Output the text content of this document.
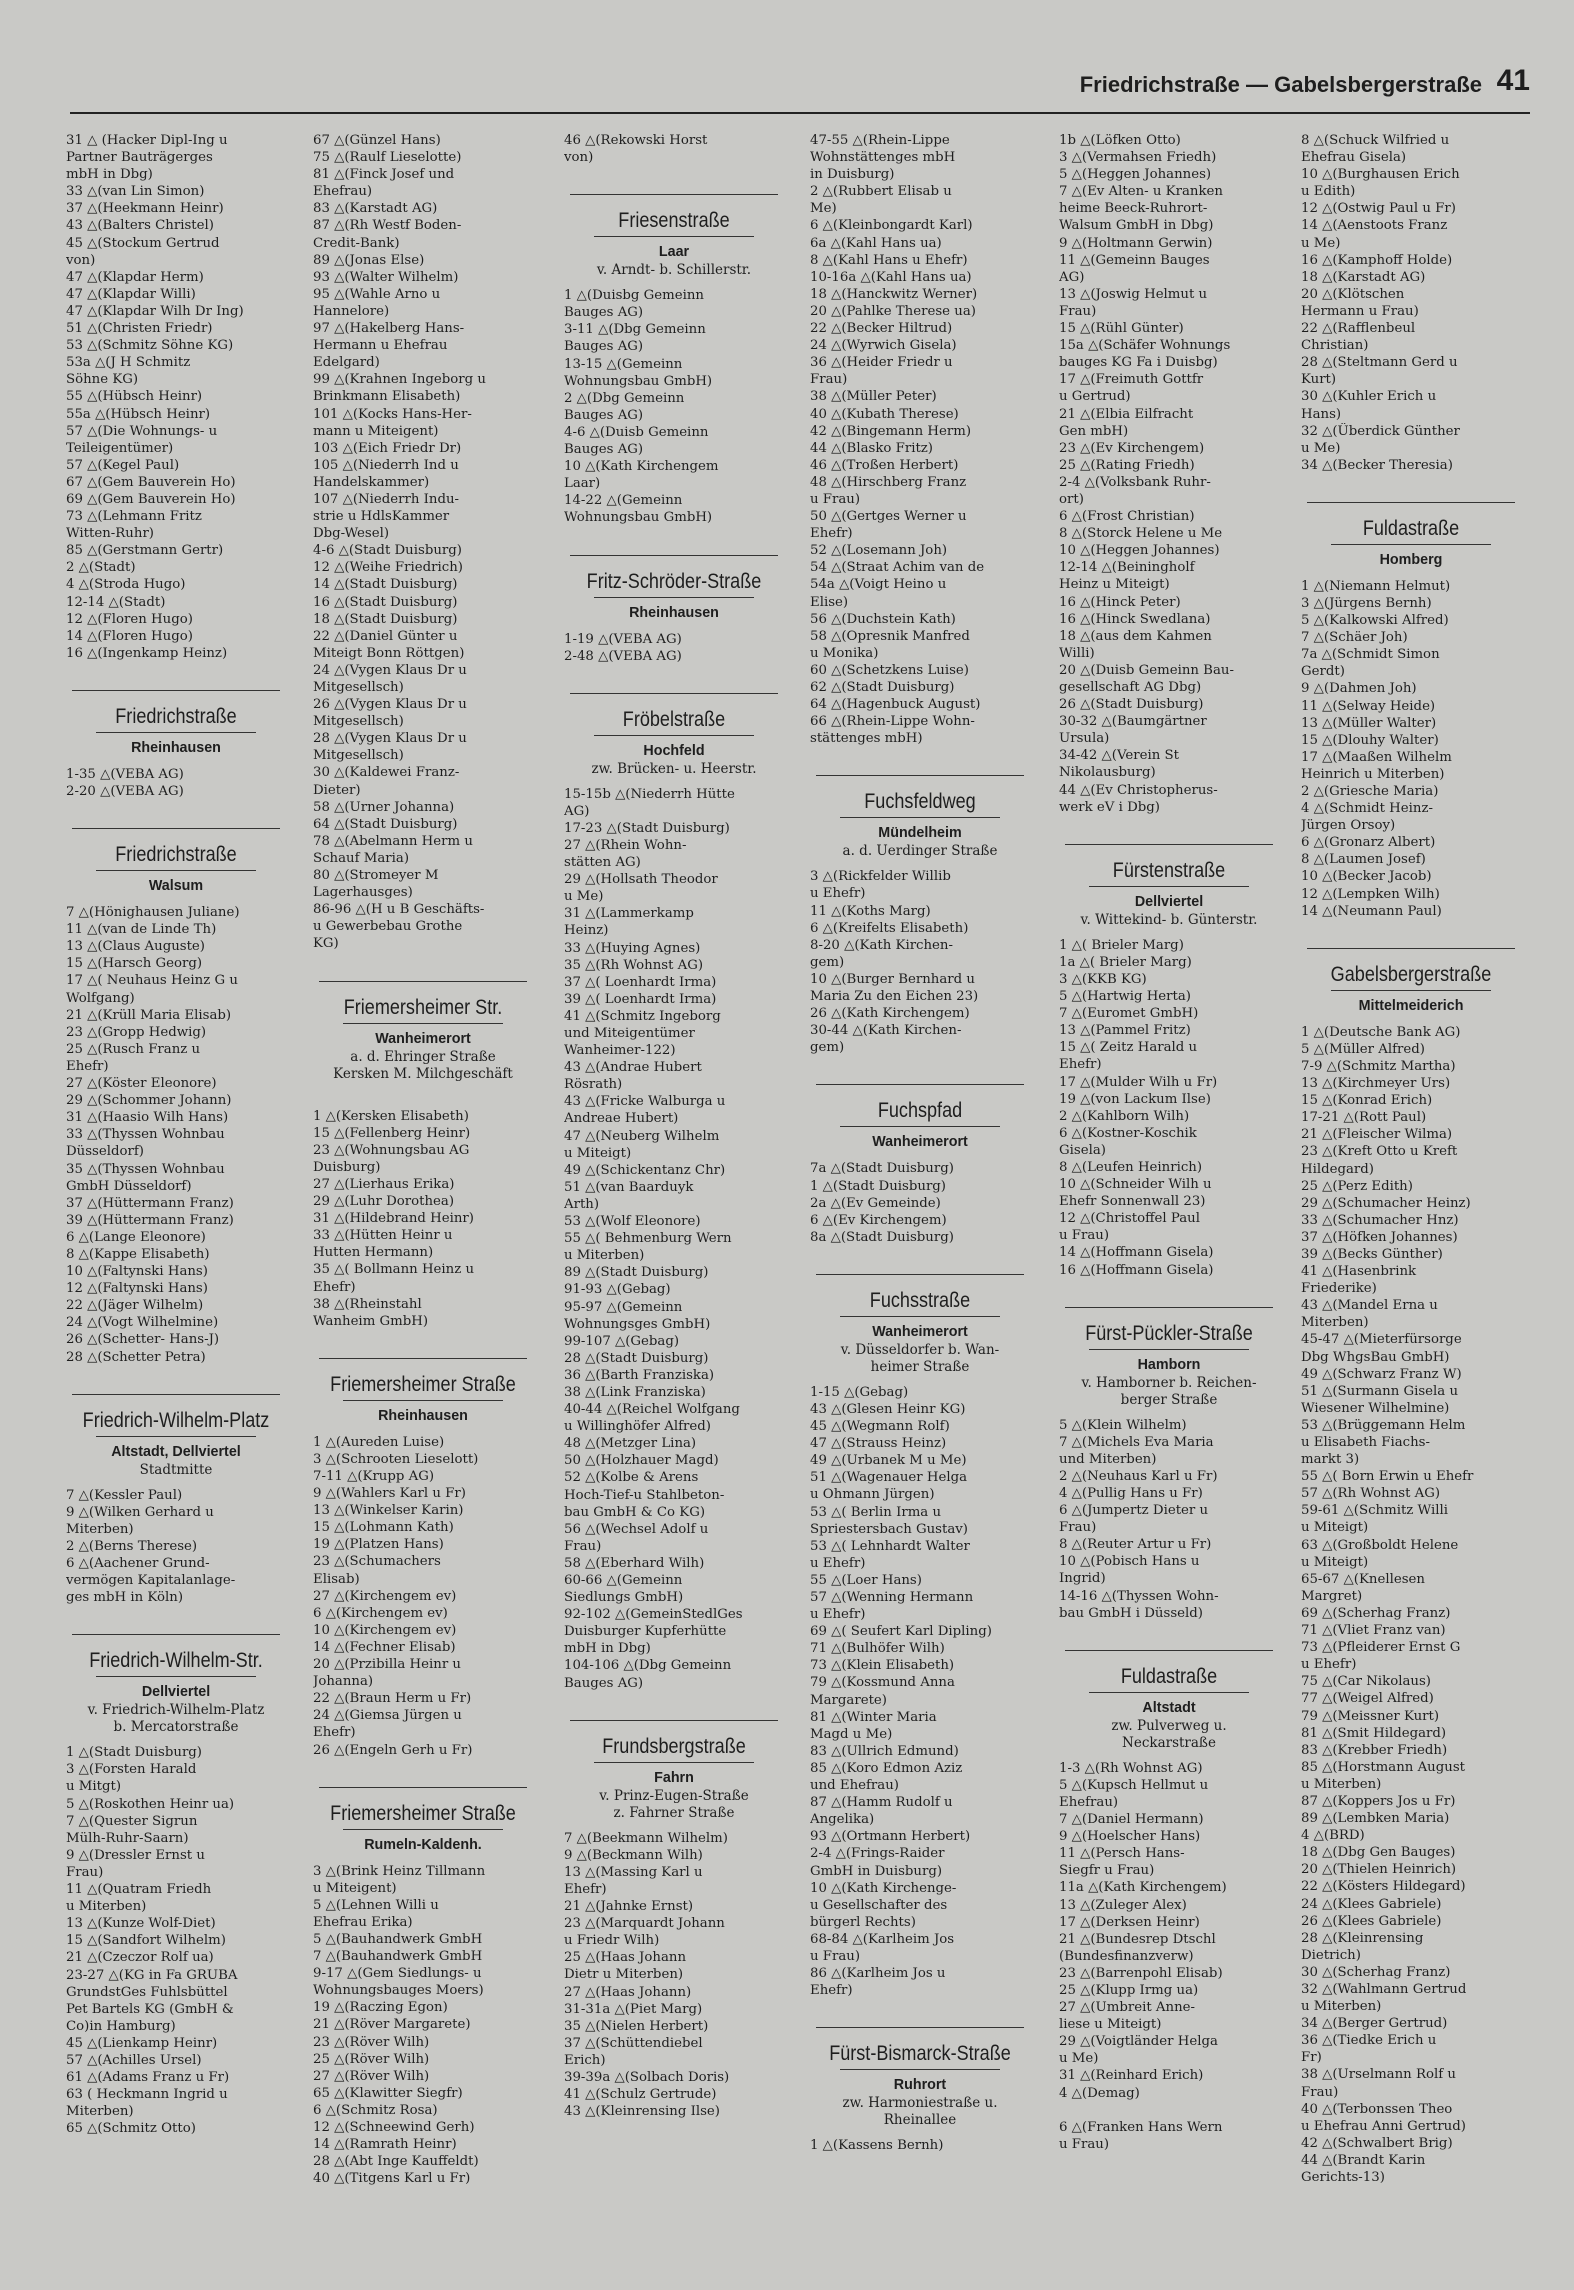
Friedrichstraße — Gabelsbergerstraße 41
31 △ (Hacker Dipl-Ing u
Partner Bauträgerges
mbH in Dbg)
33 △(van Lin Simon)
37 △(Heekmann Heinr)
43 △(Balters Christel)
45 △(Stockum Gertrud
von)
47 △(Klapdar Herm)
47 △(Klapdar Willi)
47 △(Klapdar Wilh Dr Ing)
51 △(Christen Friedr)
53 △(Schmitz Söhne KG)
53a △(J H Schmitz
Söhne KG)
55 △(Hübsch Heinr)
55a △(Hübsch Heinr)
57 △(Die Wohnungs- u
Teileigentümer)
57 △(Kegel Paul)
67 △(Gem Bauverein Ho)
69 △(Gem Bauverein Ho)
73 △(Lehmann Fritz
Witten-Ruhr)
85 △(Gerstmann Gertr)
2 △(Stadt)
4 △(Stroda Hugo)
12-14 △(Stadt)
12 △(Floren Hugo)
14 △(Floren Hugo)
16 △(Ingenkamp Heinz)
Friedrichstraße
Rheinhausen
1-35 △(VEBA AG)
2-20 △(VEBA AG)
Friedrichstraße
Walsum
7 △(Hönighausen Juliane)
11 △(van de Linde Th)
13 △(Claus Auguste)
15 △(Harsch Georg)
17 △( Neuhaus Heinz G u
Wolfgang)
21 △(Krüll Maria Elisab)
23 △(Gropp Hedwig)
25 △(Rusch Franz u
Ehefr)
27 △(Köster Eleonore)
29 △(Schommer Johann)
31 △(Haasio Wilh Hans)
33 △(Thyssen Wohnbau
Düsseldorf)
35 △(Thyssen Wohnbau
GmbH Düsseldorf)
37 △(Hüttermann Franz)
39 △(Hüttermann Franz)
6 △(Lange Eleonore)
8 △(Kappe Elisabeth)
10 △(Faltynski Hans)
12 △(Faltynski Hans)
22 △(Jäger Wilhelm)
24 △(Vogt Wilhelmine)
26 △(Schetter- Hans-J)
28 △(Schetter Petra)
Friedrich-Wilhelm-Platz
Altstadt, Dellviertel
Stadtmitte
7 △(Kessler Paul)
9 △(Wilken Gerhard u
Miterben)
2 △(Berns Therese)
6 △(Aachener Grund-
vermögen Kapitalanlage-
ges mbH in Köln)
Friedrich-Wilhelm-Str.
Dellviertel
v. Friedrich-Wilhelm-Platz
b. Mercatorstraße
1 △(Stadt Duisburg)
3 △(Forsten Harald
u Mitgt)
5 △(Roskothen Heinr ua)
7 △(Quester Sigrun
Mülh-Ruhr-Saarn)
9 △(Dressler Ernst u
Frau)
11 △(Quatram Friedh
u Miterben)
13 △(Kunze Wolf-Diet)
15 △(Sandfort Wilhelm)
21 △(Czeczor Rolf ua)
23-27 △(KG in Fa GRUBA
GrundstGes Fuhlsbüttel
Pet Bartels KG (GmbH &
Co)in Hamburg)
45 △(Lienkamp Heinr)
57 △(Achilles Ursel)
61 △(Adams Franz u Fr)
63 ( Heckmann Ingrid u
Miterben)
65 △(Schmitz Otto)
67 △(Günzel Hans)
75 △(Raulf Lieselotte)
81 △(Finck Josef und
Ehefrau)
83 △(Karstadt AG)
87 △(Rh Westf Boden-
Credit-Bank)
89 △(Jonas Else)
93 △(Walter Wilhelm)
95 △(Wahle Arno u
Hannelore)
97 △(Hakelberg Hans-
Hermann u Ehefrau
Edelgard)
99 △(Krahnen Ingeborg u
Brinkmann Elisabeth)
101 △(Kocks Hans-Her-
mann u Miteigent)
103 △(Eich Friedr Dr)
105 △(Niederrh Ind u
Handelskammer)
107 △(Niederrh Indu-
strie u HdlsKammer
Dbg-Wesel)
4-6 △(Stadt Duisburg)
12 △(Weihe Friedrich)
14 △(Stadt Duisburg)
16 △(Stadt Duisburg)
18 △(Stadt Duisburg)
22 △(Daniel Günter u
Miteigt Bonn Röttgen)
24 △(Vygen Klaus Dr u
Mitgesellsch)
26 △(Vygen Klaus Dr u
Mitgesellsch)
28 △(Vygen Klaus Dr u
Mitgesellsch)
30 △(Kaldewei Franz-
Dieter)
58 △(Urner Johanna)
64 △(Stadt Duisburg)
78 △(Abelmann Herm u
Schauf Maria)
80 △(Stromeyer M
Lagerhausges)
86-96 △(H u B Geschäfts-
u Gewerbebau Grothe
KG)
Friemersheimer Str.
Wanheimerort
a. d. Ehringer Straße
Kersken M. Milchgeschäft

1 △(Kersken Elisabeth)
15 △(Fellenberg Heinr)
23 △(Wohnungsbau AG
Duisburg)
27 △(Lierhaus Erika)
29 △(Luhr Dorothea)
31 △(Hildebrand Heinr)
33 △(Hütten Heinr u
Hutten Hermann)
35 △( Bollmann Heinz u
Ehefr)
38 △(Rheinstahl
Wanheim GmbH)
Friemersheimer Straße
Rheinhausen
1 △(Aureden Luise)
3 △(Schrooten Lieselott)
7-11 △(Krupp AG)
9 △(Wahlers Karl u Fr)
13 △(Winkelser Karin)
15 △(Lohmann Kath)
19 △(Platzen Hans)
23 △(Schumachers
Elisab)
27 △(Kirchengem ev)
6 △(Kirchengem ev)
10 △(Kirchengem ev)
14 △(Fechner Elisab)
20 △(Przibilla Heinr u
Johanna)
22 △(Braun Herm u Fr)
24 △(Giemsa Jürgen u
Ehefr)
26 △(Engeln Gerh u Fr)
Friemersheimer Straße
Rumeln-Kaldenh.
3 △(Brink Heinz Tillmann
u Miteigent)
5 △(Lehnen Willi u
Ehefrau Erika)
5 △(Bauhandwerk GmbH
7 △(Bauhandwerk GmbH
9-17 △(Gem Siedlungs- u
Wohnungsbauges Moers)
19 △(Raczing Egon)
21 △(Röver Margarete)
23 △(Röver Wilh)
25 △(Röver Wilh)
27 △(Röver Wilh)
65 △(Klawitter Siegfr)
6 △(Schmitz Rosa)
12 △(Schneewind Gerh)
14 △(Ramrath Heinr)
28 △(Abt Inge Kauffeldt)
40 △(Titgens Karl u Fr)
46 △(Rekowski Horst
von)
Friesenstraße
Laar
v. Arndt- b. Schillerstr.
1 △(Duisbg Gemeinn
Bauges AG)
3-11 △(Dbg Gemeinn
Bauges AG)
13-15 △(Gemeinn
Wohnungsbau GmbH)
2 △(Dbg Gemeinn
Bauges AG)
4-6 △(Duisb Gemeinn
Bauges AG)
10 △(Kath Kirchengem
Laar)
14-22 △(Gemeinn
Wohnungsbau GmbH)
Fritz-Schröder-Straße
Rheinhausen
1-19 △(VEBA AG)
2-48 △(VEBA AG)
Fröbelstraße
Hochfeld
zw. Brücken- u. Heerstr.
15-15b △(Niederrh Hütte
AG)
17-23 △(Stadt Duisburg)
27 △(Rhein Wohn-
stätten AG)
29 △(Hollsath Theodor
u Me)
31 △(Lammerkamp
Heinz)
33 △(Huying Agnes)
35 △(Rh Wohnst AG)
37 △( Loenhardt Irma)
39 △( Loenhardt Irma)
41 △(Schmitz Ingeborg
und Miteigentümer
Wanheimer-122)
43 △(Andrae Hubert
Rösrath)
43 △(Fricke Walburga u
Andreae Hubert)
47 △(Neuberg Wilhelm
u Miteigt)
49 △(Schickentanz Chr)
51 △(van Baarduyk
Arth)
53 △(Wolf Eleonore)
55 △( Behmenburg Wern
u Miterben)
89 △(Stadt Duisburg)
91-93 △(Gebag)
95-97 △(Gemeinn
Wohnungsges GmbH)
99-107 △(Gebag)
28 △(Stadt Duisburg)
36 △(Barth Franziska)
38 △(Link Franziska)
40-44 △(Reichel Wolfgang
u Willinghöfer Alfred)
48 △(Metzger Lina)
50 △(Holzhauer Magd)
52 △(Kolbe & Arens
Hoch-Tief-u Stahlbeton-
bau GmbH & Co KG)
56 △(Wechsel Adolf u
Frau)
58 △(Eberhard Wilh)
60-66 △(Gemeinn
Siedlungs GmbH)
92-102 △(GemeinStedlGes
Duisburger Kupferhütte
mbH in Dbg)
104-106 △(Dbg Gemeinn
Bauges AG)
Frundsbergstraße
Fahrn
v. Prinz-Eugen-Straße
z. Fahrner Straße
7 △(Beekmann Wilhelm)
9 △(Beckmann Wilh)
13 △(Massing Karl u
Ehefr)
21 △(Jahnke Ernst)
23 △(Marquardt Johann
u Friedr Wilh)
25 △(Haas Johann
Dietr u Miterben)
27 △(Haas Johann)
31-31a △(Piet Marg)
35 △(Nielen Herbert)
37 △(Schüttendiebel
Erich)
39-39a △(Solbach Doris)
41 △(Schulz Gertrude)
43 △(Kleinrensing Ilse)
47-55 △(Rhein-Lippe
Wohnstättenges mbH
in Duisburg)
2 △(Rubbert Elisab u
Me)
6 △(Kleinbongardt Karl)
6a △(Kahl Hans ua)
8 △(Kahl Hans u Ehefr)
10-16a △(Kahl Hans ua)
18 △(Hanckwitz Werner)
20 △(Pahlke Therese ua)
22 △(Becker Hiltrud)
24 △(Wyrwich Gisela)
36 △(Heider Friedr u
Frau)
38 △(Müller Peter)
40 △(Kubath Therese)
42 △(Bingemann Herm)
44 △(Blasko Fritz)
46 △(Troßen Herbert)
48 △(Hirschberg Franz
u Frau)
50 △(Gertges Werner u
Ehefr)
52 △(Losemann Joh)
54 △(Straat Achim van de
54a △(Voigt Heino u
Elise)
56 △(Duchstein Kath)
58 △(Opresnik Manfred
u Monika)
60 △(Schetzkens Luise)
62 △(Stadt Duisburg)
64 △(Hagenbuck August)
66 △(Rhein-Lippe Wohn-
stättenges mbH)
Fuchsfeldweg
Mündelheim
a. d. Uerdinger Straße
3 △(Rickfelder Willib
u Ehefr)
11 △(Koths Marg)
6 △(Kreifelts Elisabeth)
8-20 △(Kath Kirchen-
gem)
10 △(Burger Bernhard u
Maria Zu den Eichen 23)
26 △(Kath Kirchengem)
30-44 △(Kath Kirchen-
gem)
Fuchspfad
Wanheimerort
7a △(Stadt Duisburg)
1 △(Stadt Duisburg)
2a △(Ev Gemeinde)
6 △(Ev Kirchengem)
8a △(Stadt Duisburg)
Fuchsstraße
Wanheimerort
v. Düsseldorfer b. Wan-
heimer Straße
1-15 △(Gebag)
43 △(Glesen Heinr KG)
45 △(Wegmann Rolf)
47 △(Strauss Heinz)
49 △(Urbanek M u Me)
51 △(Wagenauer Helga
u Ohmann Jürgen)
53 △( Berlin Irma u
Spriestersbach Gustav)
53 △( Lehnhardt Walter
u Ehefr)
55 △(Loer Hans)
57 △(Wenning Hermann
u Ehefr)
69 △( Seufert Karl Dipling)
71 △(Bulhöfer Wilh)
73 △(Klein Elisabeth)
79 △(Kossmund Anna
Margarete)
81 △(Winter Maria
Magd u Me)
83 △(Ullrich Edmund)
85 △(Koro Edmon Aziz
und Ehefrau)
87 △(Hamm Rudolf u
Angelika)
93 △(Ortmann Herbert)
2-4 △(Frings-Raider
GmbH in Duisburg)
10 △(Kath Kirchenge-
u Gesellschafter des
bürgerl Rechts)
68-84 △(Karlheim Jos
u Frau)
86 △(Karlheim Jos u
Ehefr)
Fürst-Bismarck-Straße
Ruhrort
zw. Harmoniestraße u.
Rheinallee
1 △(Kassens Bernh)
1b △(Löfken Otto)
3 △(Vermahsen Friedh)
5 △(Heggen Johannes)
7 △(Ev Alten- u Kranken
heime Beeck-Ruhrort-
Walsum GmbH in Dbg)
9 △(Holtmann Gerwin)
11 △(Gemeinn Bauges
AG)
13 △(Joswig Helmut u
Frau)
15 △(Rühl Günter)
15a △(Schäfer Wohnungs
bauges KG Fa i Duisbg)
17 △(Freimuth Gottfr
u Gertrud)
21 △(Elbia Eilfracht
Gen mbH)
23 △(Ev Kirchengem)
25 △(Rating Friedh)
2-4 △(Volksbank Ruhr-
ort)
6 △(Frost Christian)
8 △(Storck Helene u Me
10 △(Heggen Johannes)
12-14 △(Beiningholf
Heinz u Miteigt)
16 △(Hinck Peter)
16 △(Hinck Swedlana)
18 △(aus dem Kahmen
Willi)
20 △(Duisb Gemeinn Bau-
gesellschaft AG Dbg)
26 △(Stadt Duisburg)
30-32 △(Baumgärtner
Ursula)
34-42 △(Verein St
Nikolausburg)
44 △(Ev Christopherus-
werk eV i Dbg)
Fürstenstraße
Dellviertel
v. Wittekind- b. Günterstr.
1 △( Brieler Marg)
1a △( Brieler Marg)
3 △(KKB KG)
5 △(Hartwig Herta)
7 △(Euromet GmbH)
13 △(Pammel Fritz)
15 △( Zeitz Harald u
Ehefr)
17 △(Mulder Wilh u Fr)
19 △(von Lackum Ilse)
2 △(Kahlborn Wilh)
6 △(Kostner-Koschik
Gisela)
8 △(Leufen Heinrich)
10 △(Schneider Wilh u
Ehefr Sonnenwall 23)
12 △(Christoffel Paul
u Frau)
14 △(Hoffmann Gisela)
16 △(Hoffmann Gisela)
Fürst-Pückler-Straße
Hamborn
v. Hamborner b. Reichen-
berger Straße
5 △(Klein Wilhelm)
7 △(Michels Eva Maria
und Miterben)
2 △(Neuhaus Karl u Fr)
4 △(Pullig Hans u Fr)
6 △(Jumpertz Dieter u
Frau)
8 △(Reuter Artur u Fr)
10 △(Pobisch Hans u
Ingrid)
14-16 △(Thyssen Wohn-
bau GmbH i Düsseld)
Fuldastraße
Altstadt
zw. Pulverweg u.
Neckarstraße
1-3 △(Rh Wohnst AG)
5 △(Kupsch Hellmut u
Ehefrau)
7 △(Daniel Hermann)
9 △(Hoelscher Hans)
11 △(Persch Hans-
Siegfr u Frau)
11a △(Kath Kirchengem)
13 △(Zuleger Alex)
17 △(Derksen Heinr)
21 △(Bundesrep Dtschl
(Bundesfinanzverw)
23 △(Barrenpohl Elisab)
25 △(Klupp Irmg ua)
27 △(Umbreit Anne-
liese u Miteigt)
29 △(Voigtländer Helga
u Me)
31 △(Reinhard Erich)
4 △(Demag)

6 △(Franken Hans Wern
u Frau)
8 △(Schuck Wilfried u
Ehefrau Gisela)
10 △(Burghausen Erich
u Edith)
12 △(Ostwig Paul u Fr)
14 △(Aenstoots Franz
u Me)
16 △(Kamphoff Holde)
18 △(Karstadt AG)
20 △(Klötschen
Hermann u Frau)
22 △(Rafflenbeul
Christian)
28 △(Steltmann Gerd u
Kurt)
30 △(Kuhler Erich u
Hans)
32 △(Überdick Günther
u Me)
34 △(Becker Theresia)
Fuldastraße
Homberg
1 △(Niemann Helmut)
3 △(Jürgens Bernh)
5 △(Kalkowski Alfred)
7 △(Schäer Joh)
7a △(Schmidt Simon
Gerdt)
9 △(Dahmen Joh)
11 △(Selway Heide)
13 △(Müller Walter)
15 △(Dlouhy Walter)
17 △(Maaßen Wilhelm
Heinrich u Miterben)
2 △(Griesche Maria)
4 △(Schmidt Heinz-
Jürgen Orsoy)
6 △(Gronarz Albert)
8 △(Laumen Josef)
10 △(Becker Jacob)
12 △(Lempken Wilh)
14 △(Neumann Paul)
Gabelsbergerstraße
Mittelmeiderich
1 △(Deutsche Bank AG)
5 △(Müller Alfred)
7-9 △(Schmitz Martha)
13 △(Kirchmeyer Urs)
15 △(Konrad Erich)
17-21 △(Rott Paul)
21 △(Fleischer Wilma)
23 △(Kreft Otto u Kreft
Hildegard)
25 △(Perz Edith)
29 △(Schumacher Heinz)
33 △(Schumacher Hnz)
37 △(Höfken Johannes)
39 △(Becks Günther)
41 △(Hasenbrink
Friederike)
43 △(Mandel Erna u
Miterben)
45-47 △(Mieterfürsorge
Dbg WhgsBau GmbH)
49 △(Schwarz Franz W)
51 △(Surmann Gisela u
Wiesener Wilhelmine)
53 △(Brüggemann Helm
u Elisabeth Fiachs-
markt 3)
55 △( Born Erwin u Ehefr
57 △(Rh Wohnst AG)
59-61 △(Schmitz Willi
u Miteigt)
63 △(Großboldt Helene
u Miteigt)
65-67 △(Knellesen
Margret)
69 △(Scherhag Franz)
71 △(Vliet Franz van)
73 △(Pfleiderer Ernst G
u Ehefr)
75 △(Car Nikolaus)
77 △(Weigel Alfred)
79 △(Meissner Kurt)
81 △(Smit Hildegard)
83 △(Krebber Friedh)
85 △(Horstmann August
u Miterben)
87 △(Koppers Jos u Fr)
89 △(Lembken Maria)
4 △(BRD)
18 △(Dbg Gen Bauges)
20 △(Thielen Heinrich)
22 △(Kösters Hildegard)
24 △(Klees Gabriele)
26 △(Klees Gabriele)
28 △(Kleinrensing
Dietrich)
30 △(Scherhag Franz)
32 △(Wahlmann Gertrud
u Miterben)
34 △(Berger Gertrud)
36 △(Tiedke Erich u
Fr)
38 △(Urselmann Rolf u
Frau)
40 △(Terbonssen Theo
u Ehefrau Anni Gertrud)
42 △(Schwalbert Brig)
44 △(Brandt Karin
Gerichts-13)
